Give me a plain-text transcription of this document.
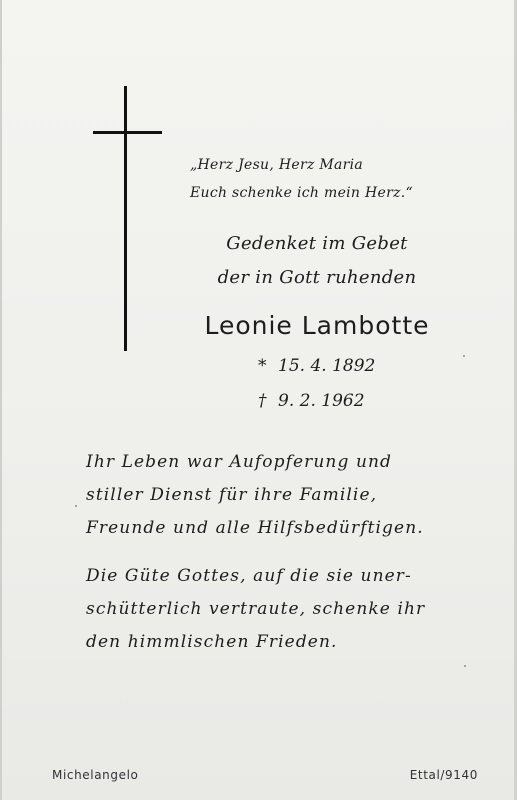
„Herz Jesu, Herz Maria
Euch schenke ich mein Herz.“
Gedenket im Gebet
der in Gott ruhenden
Leonie Lambotte
* 15. 4. 1892
† 9. 2. 1962
Ihr Leben war Aufopferung und
stiller Dienst für ihre Familie,
Freunde und alle Hilfsbedürftigen.
Die Güte Gottes, auf die sie uner-
schütterlich vertraute, schenke ihr
den himmlischen Frieden.
Michelangelo	Ettal/9140
